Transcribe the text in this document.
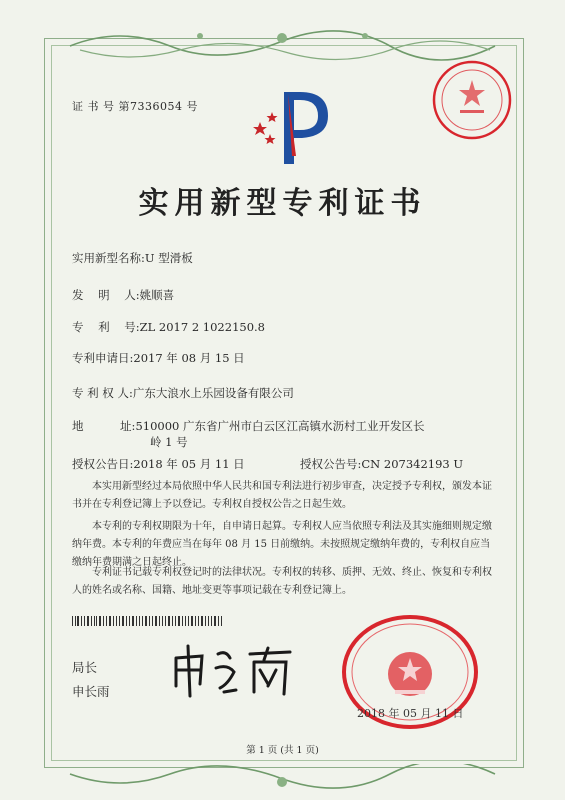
证 书 号 第7336054 号
实用新型专利证书
实用新型名称:U 型滑板
发    明    人:姚顺喜
专    利    号:ZL 2017 2 1022150.8
专利申请日:2017 年 08 月 15 日
专 利 权 人:广东大浪水上乐园设备有限公司
地          址:510000 广东省广州市白云区江高镇水沥村工业开发区长
岭 1 号
授权公告日:2018 年 05 月 11 日	授权公告号:CN 207342193 U
本实用新型经过本局依照中华人民共和国专利法进行初步审查，决定授予专利权，颁发本证书并在专利登记簿上予以登记。专利权自授权公告之日起生效。
本专利的专利权期限为十年，自申请日起算。专利权人应当依照专利法及其实施细则规定缴纳年费。本专利的年费应当在每年 08 月 15 日前缴纳。未按照规定缴纳年费的，专利权自应当缴纳年费期满之日起终止。
专利证书记载专利权登记时的法律状况。专利权的转移、质押、无效、终止、恢复和专利权人的姓名或名称、国籍、地址变更等事项记载在专利登记簿上。
局长
申长雨
2018 年 05 月 11 日
第 1 页 (共 1 页)
